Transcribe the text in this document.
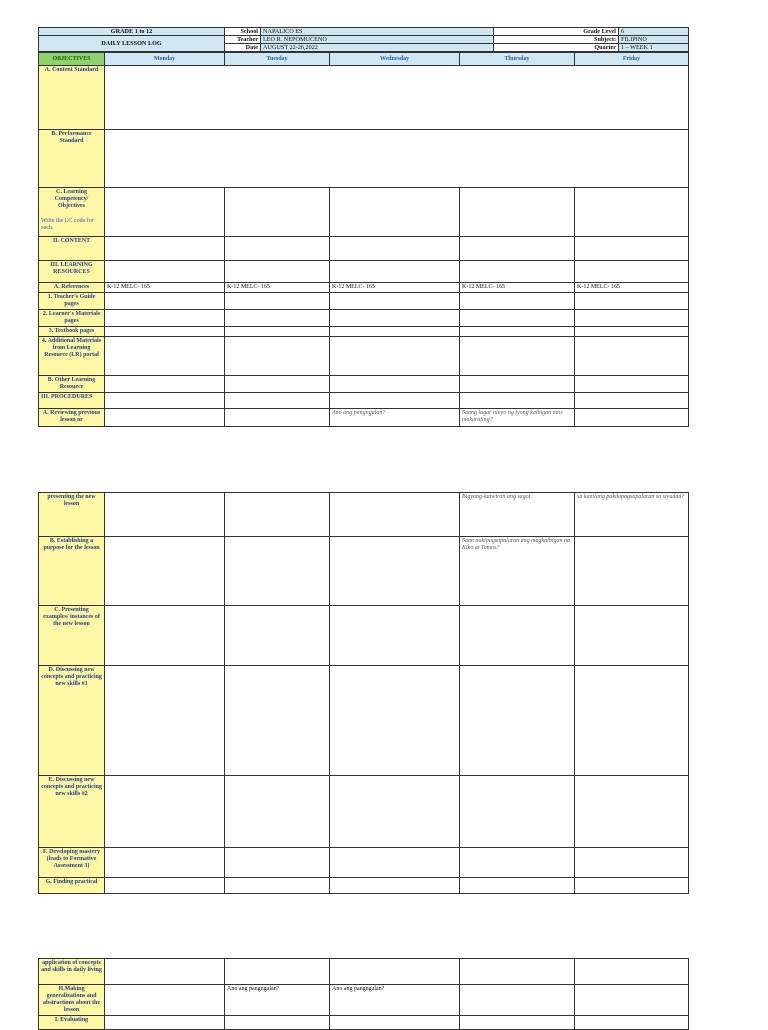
GRADE 1 to 12	School	NAPALICO ES	Grade Level	6
DAILY LESSON LOG	Teacher	LEO R. NEPOMUCENO	Subject:	FILIPINO
	Date	AUGUST 22-26,2022	Quarter	1 – WEEK 1
OBJECTIVES	Monday	Tuesday	Wednesday	Thursday	Friday
A. Content Standard					

B. Performance Standard					

C. Learning Competency/ Objectives
Write the LC code for each.					

II. CONTENT					
III. LEARNING RESOURCES					
A. References	K-12 MELC- 165	K-12 MELC- 165	K-12 MELC- 165	K-12 MELC- 165	K-12 MELC- 165
1. Teacher's Guide pages					
2. Learner's Materials pages					
3. Textbook pages					
4. Additional Materials from Learning Resource (LR) portal					
B. Other Learning Resource					
III. PROCEDURES					
A. Reviewing previous lesson or			Ano ang pangngalan?	Saang lugar ninyo ng iyong kaibigan nais makarating?	
presenting the new lesson				Bigyang-katwiran ang sagot.	sa kanilang pakikipagsapalaran sa siyudad?
B. Establishing a purpose for the lesson				Saan nakipagsapalaran ang magkaibigan na Kiko at Tomas?	
C. Presenting examples/ instances of the new lesson					
D. Discussing new concepts and practicing new skills #1					
E. Discussing new concepts and practicing new skills #2					
F. Developing mastery (leads to Formative Assessment 3)					
G. Finding practical					
application of concepts and skills in daily living					
H.Making generalizations and abstractions about the lesson		Ano ang pangngalan?	Ano ang pangngalan?		
I. Evaluating					
